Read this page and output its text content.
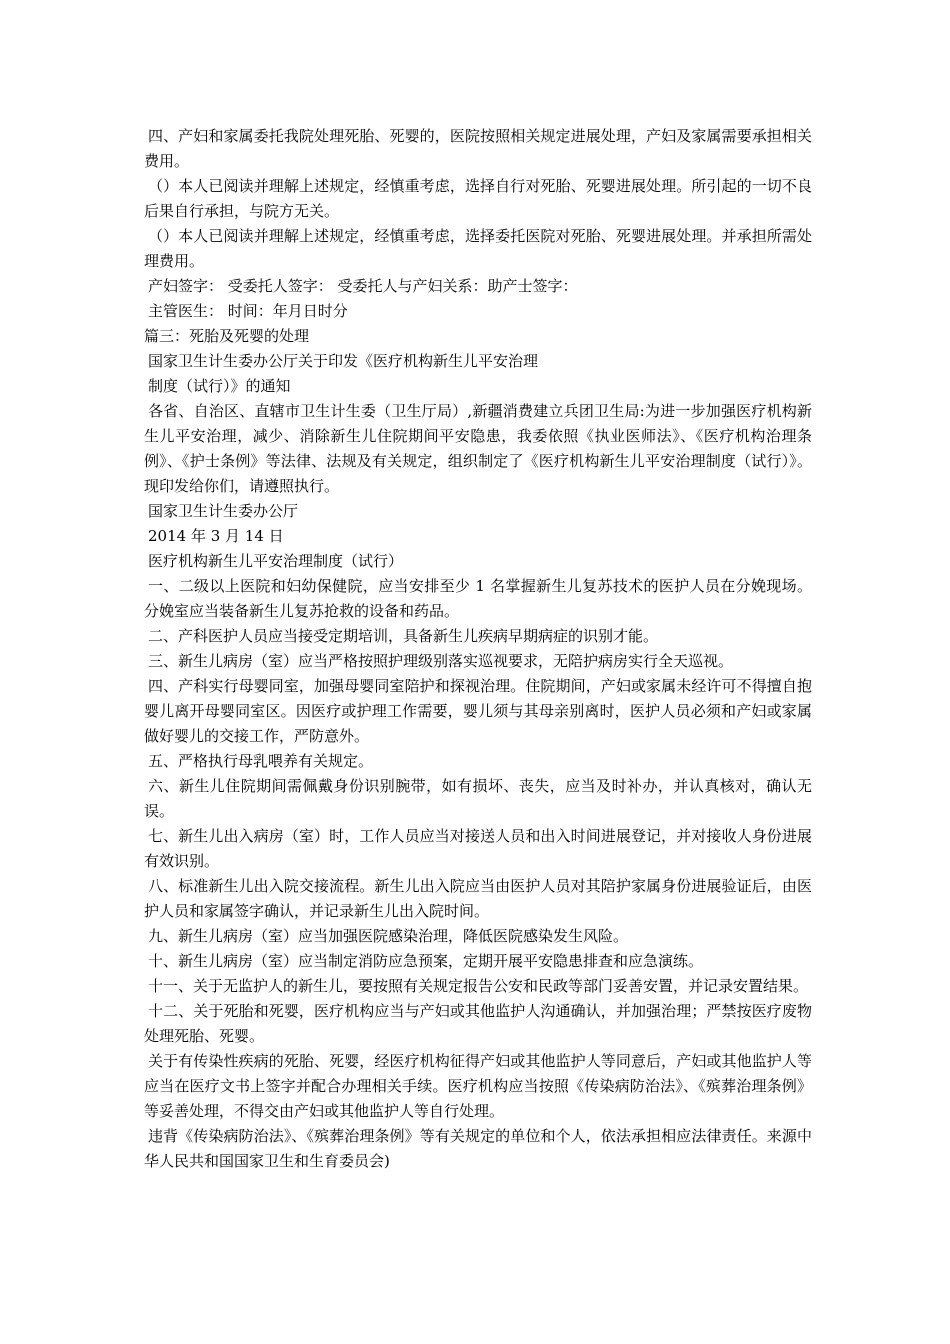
四、产妇和家属委托我院处理死胎、死婴的，医院按照相关规定进展处理，产妇及家属需要承担相关费用。

（）本人已阅读并理解上述规定，经慎重考虑，选择自行对死胎、死婴进展处理。所引起的一切不良后果自行承担，与院方无关。

（）本人已阅读并理解上述规定，经慎重考虑，选择委托医院对死胎、死婴进展处理。并承担所需处理费用。

产妇签字： 受委托人签字： 受委托人与产妇关系：助产士签字：

主管医生： 时间：年月日时分

篇三：死胎及死婴的处理

国家卫生计生委办公厅关于印发《医疗机构新生儿平安治理

制度（试行）》的通知

各省、自治区、直辖市卫生计生委（卫生厅局）,新疆消费建立兵团卫生局:为进一步加强医疗机构新生儿平安治理，减少、消除新生儿住院期间平安隐患，我委依照《执业医师法》、《医疗机构治理条例》、《护士条例》等法律、法规及有关规定，组织制定了《医疗机构新生儿平安治理制度（试行）》。现印发给你们，请遵照执行。

国家卫生计生委办公厅

2014 年 3 月 14 日

医疗机构新生儿平安治理制度（试行）

一、二级以上医院和妇幼保健院，应当安排至少 1 名掌握新生儿复苏技术的医护人员在分娩现场。分娩室应当装备新生儿复苏抢救的设备和药品。

二、产科医护人员应当接受定期培训，具备新生儿疾病早期病症的识别才能。

三、新生儿病房（室）应当严格按照护理级别落实巡视要求，无陪护病房实行全天巡视。

四、产科实行母婴同室，加强母婴同室陪护和探视治理。住院期间，产妇或家属未经许可不得擅自抱婴儿离开母婴同室区。因医疗或护理工作需要，婴儿须与其母亲别离时，医护人员必须和产妇或家属做好婴儿的交接工作，严防意外。

五、严格执行母乳喂养有关规定。

六、新生儿住院期间需佩戴身份识别腕带，如有损坏、丧失，应当及时补办，并认真核对，确认无误。

七、新生儿出入病房（室）时，工作人员应当对接送人员和出入时间进展登记，并对接收人身份进展有效识别。

八、标准新生儿出入院交接流程。新生儿出入院应当由医护人员对其陪护家属身份进展验证后，由医护人员和家属签字确认，并记录新生儿出入院时间。

九、新生儿病房（室）应当加强医院感染治理，降低医院感染发生风险。

十、新生儿病房（室）应当制定消防应急预案，定期开展平安隐患排查和应急演练。

十一、关于无监护人的新生儿，要按照有关规定报告公安和民政等部门妥善安置，并记录安置结果。

十二、关于死胎和死婴，医疗机构应当与产妇或其他监护人沟通确认，并加强治理；严禁按医疗废物处理死胎、死婴。

关于有传染性疾病的死胎、死婴，经医疗机构征得产妇或其他监护人等同意后，产妇或其他监护人等应当在医疗文书上签字并配合办理相关手续。医疗机构应当按照《传染病防治法》、《殡葬治理条例》等妥善处理，不得交由产妇或其他监护人等自行处理。

违背《传染病防治法》、《殡葬治理条例》等有关规定的单位和个人，依法承担相应法律责任。来源中华人民共和国国家卫生和生育委员会)
